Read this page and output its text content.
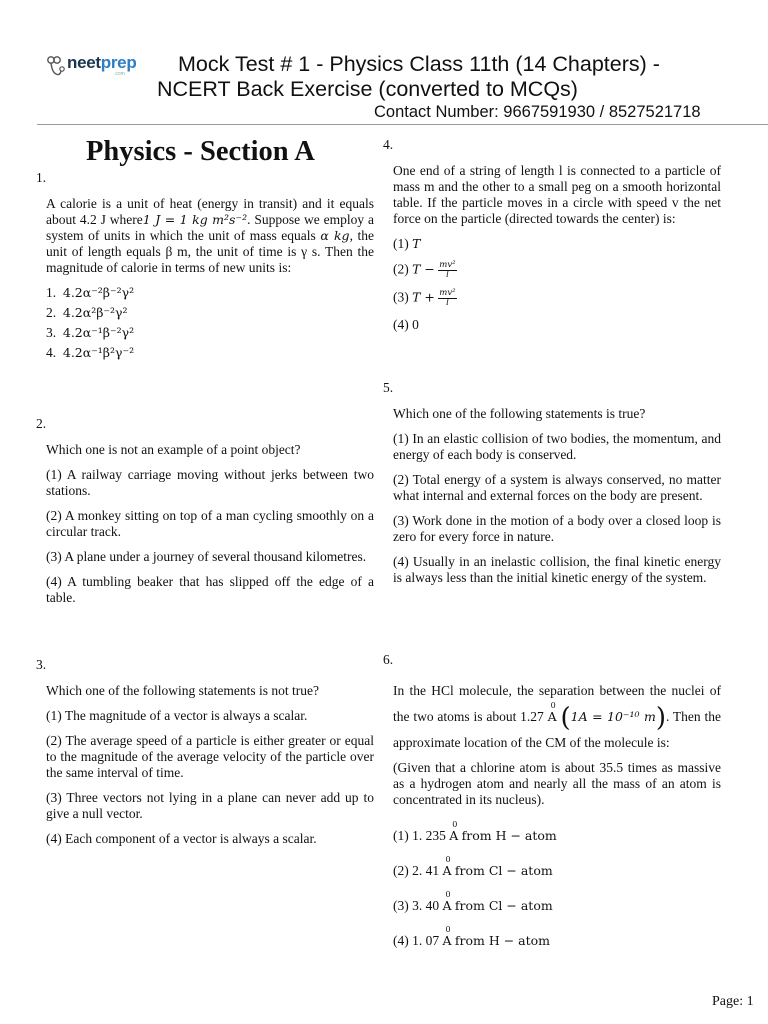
neetprep
.com Mock Test # 1 - Physics Class 11th (14 Chapters) -
NCERT Back Exercise (converted to MCQs)
Contact Number: 9667591930 / 8527521718
Physics - Section A
1.

A calorie is a unit of heat (energy in transit) and it equals about 4.2 J where1 J = 1 kg m²s⁻². Suppose we employ a system of units in which the unit of mass equals α kg, the unit of length equals β m, the unit of time is γ s. Then the magnitude of calorie in terms of new units is:

1. 4.2α⁻²β⁻²γ²
2. 4.2α²β⁻²γ²
3. 4.2α⁻¹β⁻²γ²
4. 4.2α⁻¹β²γ⁻²
2.

Which one is not an example of a point object?

(1) A railway carriage moving without jerks between two stations.

(2) A monkey sitting on top of a man cycling smoothly on a circular track.

(3) A plane under a journey of several thousand kilometres.

(4) A tumbling beaker that has slipped off the edge of a table.

3.

Which one of the following statements is not true?

(1) The magnitude of a vector is always a scalar.

(2) The average speed of a particle is either greater or equal to the magnitude of the average velocity of the particle over the same interval of time.

(3) Three vectors not lying in a plane can never add up to give a null vector.

(4) Each component of a vector is always a scalar.

4.

One end of a string of length l is connected to a particle of mass m and the other to a small peg on a smooth horizontal table. If the particle moves in a circle with speed v the net force on the particle (directed towards the center) is:

(1) T

(2) $T - \frac{\text{mv²}}{l}$

(3) $T + \frac{\text{mv²}}{l}$

(4) 0

5.

Which one of the following statements is true?

(1) In an elastic collision of two bodies, the momentum, and energy of each body is conserved.

(2) Total energy of a system is always conserved, no matter what internal and external forces on the body are present.

(3) Work done in the motion of a body over a closed loop is zero for every force in nature.

(4) Usually in an inelastic collision, the final kinetic energy is always less than the initial kinetic energy of the system.

6.

In the HCl molecule, the separation between the nuclei of the two atoms is about 1.27
0
A (1A = 10⁻¹⁰ m). Then the approximate location of the CM of the molecule is:

(Given that a chlorine atom is about 35.5 times as massive as a hydrogen atom and nearly all the mass of an atom is concentrated in its nucleus).

(1) 1. 235
0
A from H − atom

(2) 2. 41
0
A from Cl − atom

(3) 3. 40
0
A from Cl − atom

(4) 1. 07
0
A from H − atom

Page: 1
